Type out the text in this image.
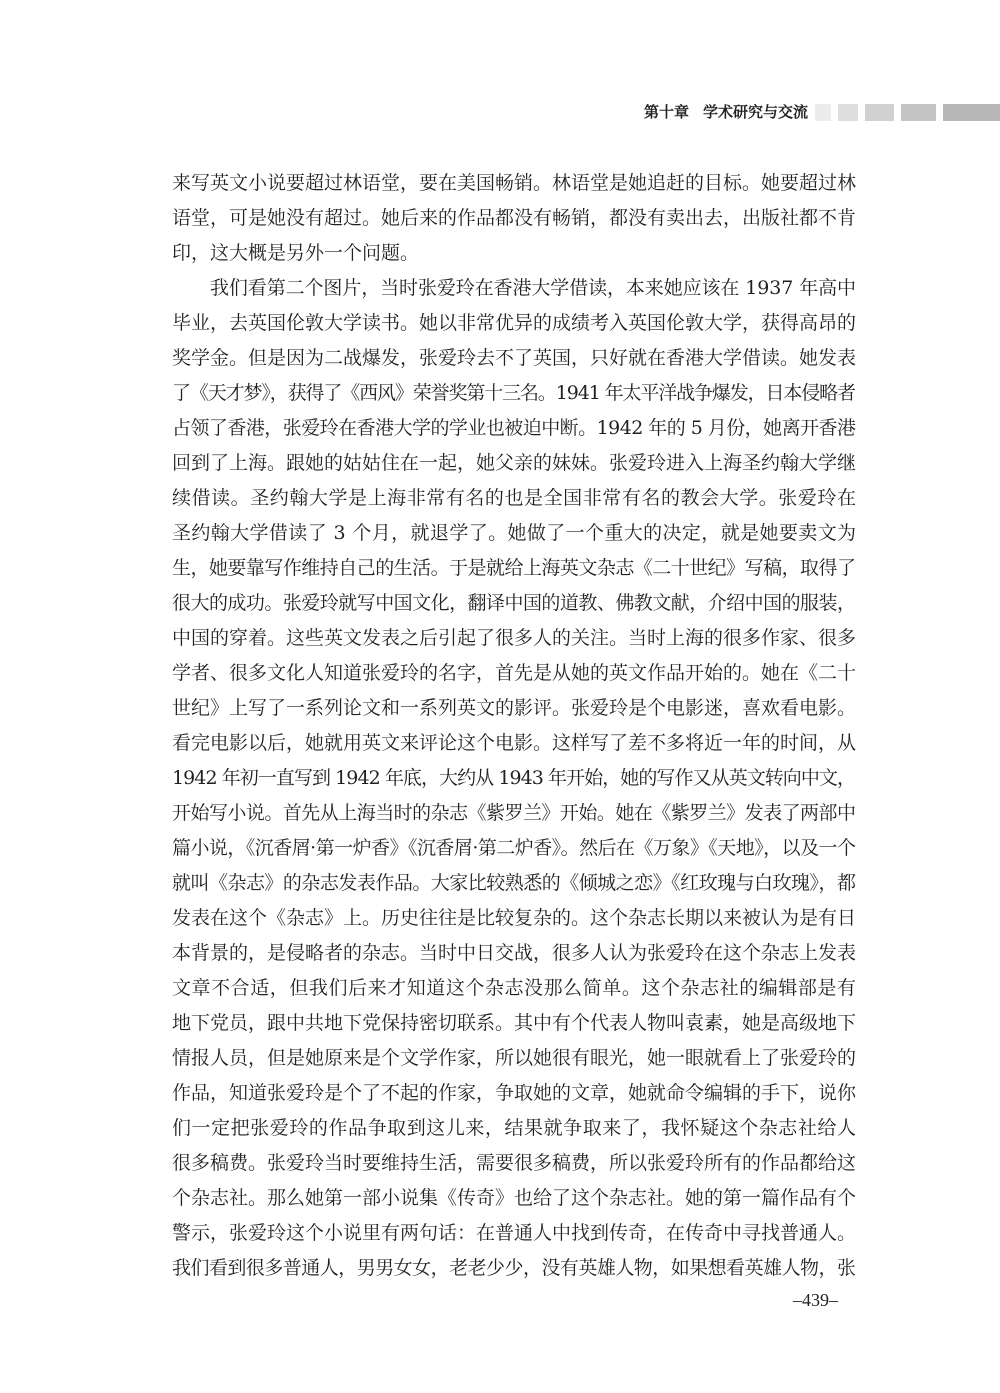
第十章 学术研究与交流
来写英文小说要超过林语堂，要在美国畅销。林语堂是她追赶的目标。她要超过林
语堂，可是她没有超过。她后来的作品都没有畅销，都没有卖出去，出版社都不肯
印，这大概是另外一个问题。
我们看第二个图片，当时张爱玲在香港大学借读，本来她应该在 1937 年高中
毕业，去英国伦敦大学读书。她以非常优异的成绩考入英国伦敦大学，获得高昂的
奖学金。但是因为二战爆发，张爱玲去不了英国，只好就在香港大学借读。她发表
了《天才梦》，获得了《西风》荣誉奖第十三名。1941 年太平洋战争爆发，日本侵略者
占领了香港，张爱玲在香港大学的学业也被迫中断。1942 年的 5 月份，她离开香港
回到了上海。跟她的姑姑住在一起，她父亲的妹妹。张爱玲进入上海圣约翰大学继
续借读。圣约翰大学是上海非常有名的也是全国非常有名的教会大学。张爱玲在
圣约翰大学借读了 3 个月，就退学了。她做了一个重大的决定，就是她要卖文为
生，她要靠写作维持自己的生活。于是就给上海英文杂志《二十世纪》写稿，取得了
很大的成功。张爱玲就写中国文化，翻译中国的道教、佛教文献，介绍中国的服装，
中国的穿着。这些英文发表之后引起了很多人的关注。当时上海的很多作家、很多
学者、很多文化人知道张爱玲的名字，首先是从她的英文作品开始的。她在《二十
世纪》上写了一系列论文和一系列英文的影评。张爱玲是个电影迷，喜欢看电影。
看完电影以后，她就用英文来评论这个电影。这样写了差不多将近一年的时间，从
1942 年初一直写到 1942 年底，大约从 1943 年开始，她的写作又从英文转向中文，
开始写小说。首先从上海当时的杂志《紫罗兰》开始。她在《紫罗兰》发表了两部中
篇小说，《沉香屑·第一炉香》《沉香屑·第二炉香》。然后在《万象》《天地》，以及一个
就叫《杂志》的杂志发表作品。大家比较熟悉的《倾城之恋》《红玫瑰与白玫瑰》，都
发表在这个《杂志》上。历史往往是比较复杂的。这个杂志长期以来被认为是有日
本背景的，是侵略者的杂志。当时中日交战，很多人认为张爱玲在这个杂志上发表
文章不合适，但我们后来才知道这个杂志没那么简单。这个杂志社的编辑部是有
地下党员，跟中共地下党保持密切联系。其中有个代表人物叫袁素，她是高级地下
情报人员，但是她原来是个文学作家，所以她很有眼光，她一眼就看上了张爱玲的
作品，知道张爱玲是个了不起的作家，争取她的文章，她就命令编辑的手下，说你
们一定把张爱玲的作品争取到这儿来，结果就争取来了，我怀疑这个杂志社给人
很多稿费。张爱玲当时要维持生活，需要很多稿费，所以张爱玲所有的作品都给这
个杂志社。那么她第一部小说集《传奇》也给了这个杂志社。她的第一篇作品有个
警示，张爱玲这个小说里有两句话：在普通人中找到传奇，在传奇中寻找普通人。
我们看到很多普通人，男男女女，老老少少，没有英雄人物，如果想看英雄人物，张
–439–
